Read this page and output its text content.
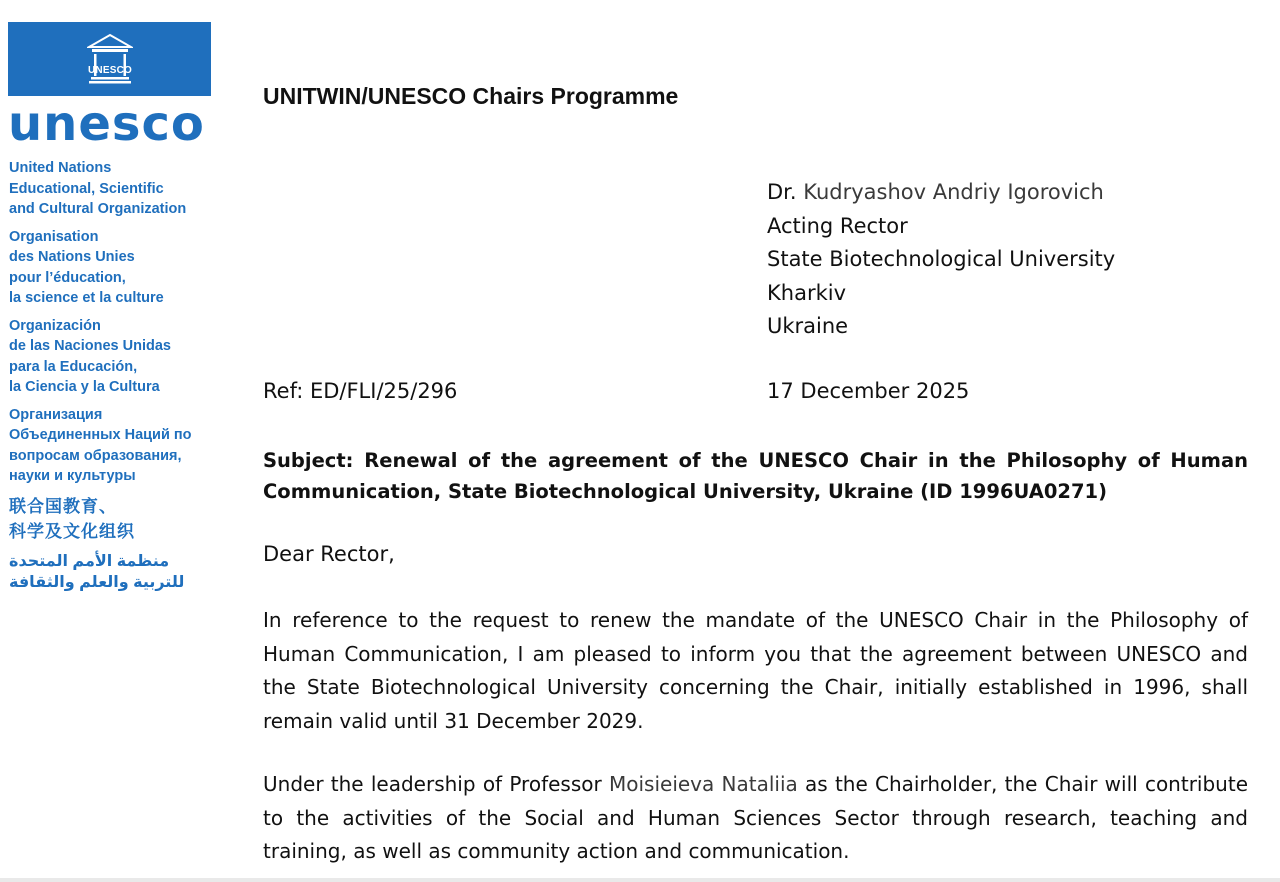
UNESCO
unesco
United Nations
Educational, Scientific
and Cultural Organization
Organisation
des Nations Unies
pour l’éducation,
la science et la culture
Organización
de las Naciones Unidas
para la Educación,
la Ciencia y la Cultura
Организация
Объединенных Наций по
вопросам образования,
науки и культуры
联合国教育、
科学及文化组织
منظمة الأمم المتحدة
للتربية والعلم والثقافة
UNITWIN/UNESCO Chairs Programme
Dr. Kudryashov Andriy Igorovich
Acting Rector
State Biotechnological University
Kharkiv
Ukraine
Ref: ED/FLI/25/296	17 December 2025

Subject: Renewal of the agreement of the UNESCO Chair in the Philosophy of Human Communication, State Biotechnological University, Ukraine (ID 1996UA0271)

Dear Rector,

In reference to the request to renew the mandate of the UNESCO Chair in the Philosophy of Human Communication, I am pleased to inform you that the agreement between UNESCO and the State Biotechnological University concerning the Chair, initially established in 1996, shall remain valid until 31 December 2029.

Under the leadership of Professor Moisieieva Nataliia as the Chairholder, the Chair will contribute to the activities of the Social and Human Sciences Sector through research, teaching and training, as well as community action and communication.
